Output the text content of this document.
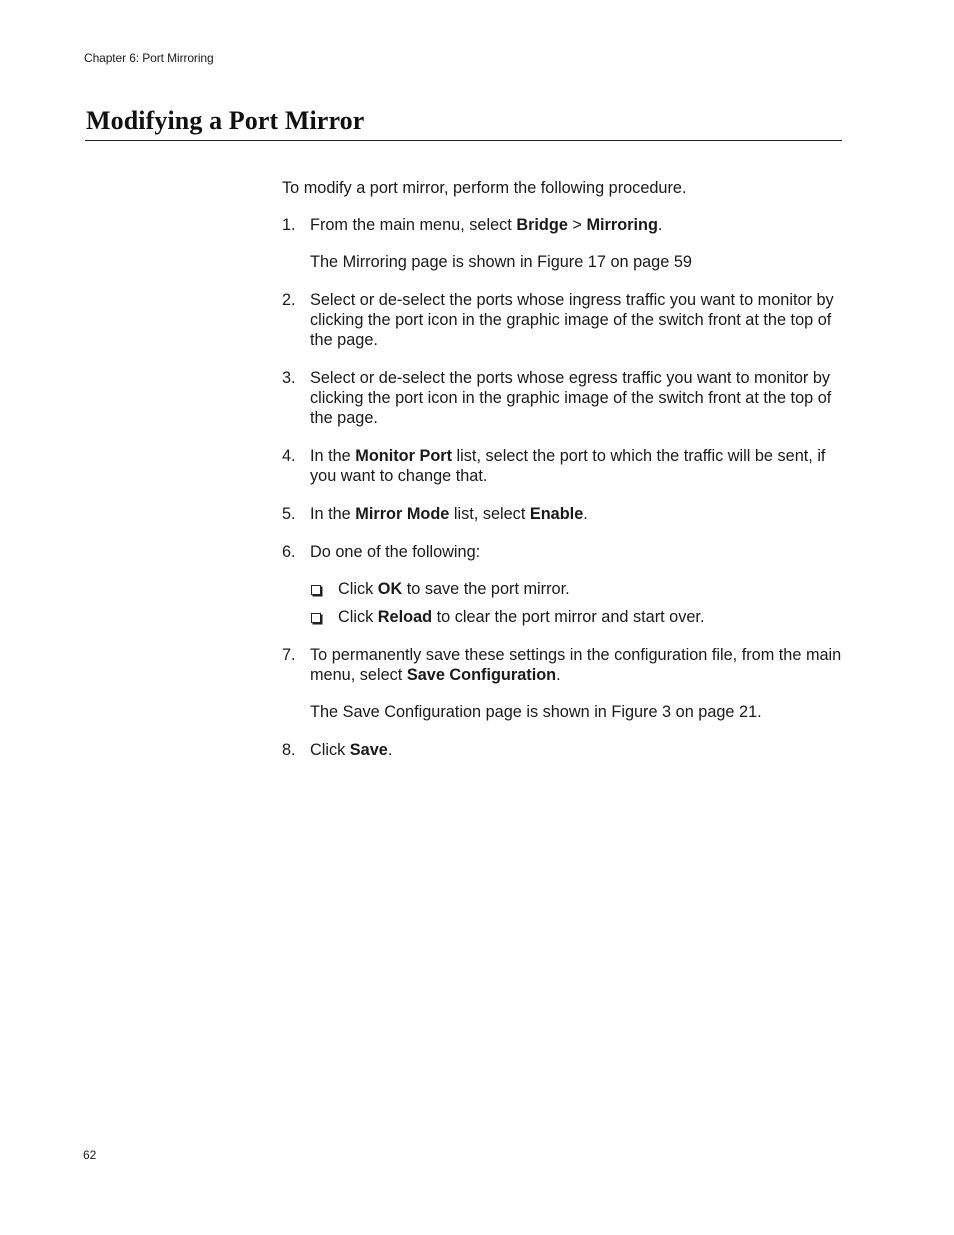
Chapter 6: Port Mirroring
Modifying a Port Mirror

To modify a port mirror, perform the following procedure.

1. From the main menu, select Bridge > Mirroring.

The Mirroring page is shown in Figure 17 on page 59

2. Select or de-select the ports whose ingress traffic you want to monitor by clicking the port icon in the graphic image of the switch front at the top of the page.

3. Select or de-select the ports whose egress traffic you want to monitor by clicking the port icon in the graphic image of the switch front at the top of the page.

4. In the Monitor Port list, select the port to which the traffic will be sent, if you want to change that.

5. In the Mirror Mode list, select Enable.

6. Do one of the following:

Click OK to save the port mirror.
Click Reload to clear the port mirror and start over.
7. To permanently save these settings in the configuration file, from the main menu, select Save Configuration.

The Save Configuration page is shown in Figure 3 on page 21.

8. Click Save.

62
